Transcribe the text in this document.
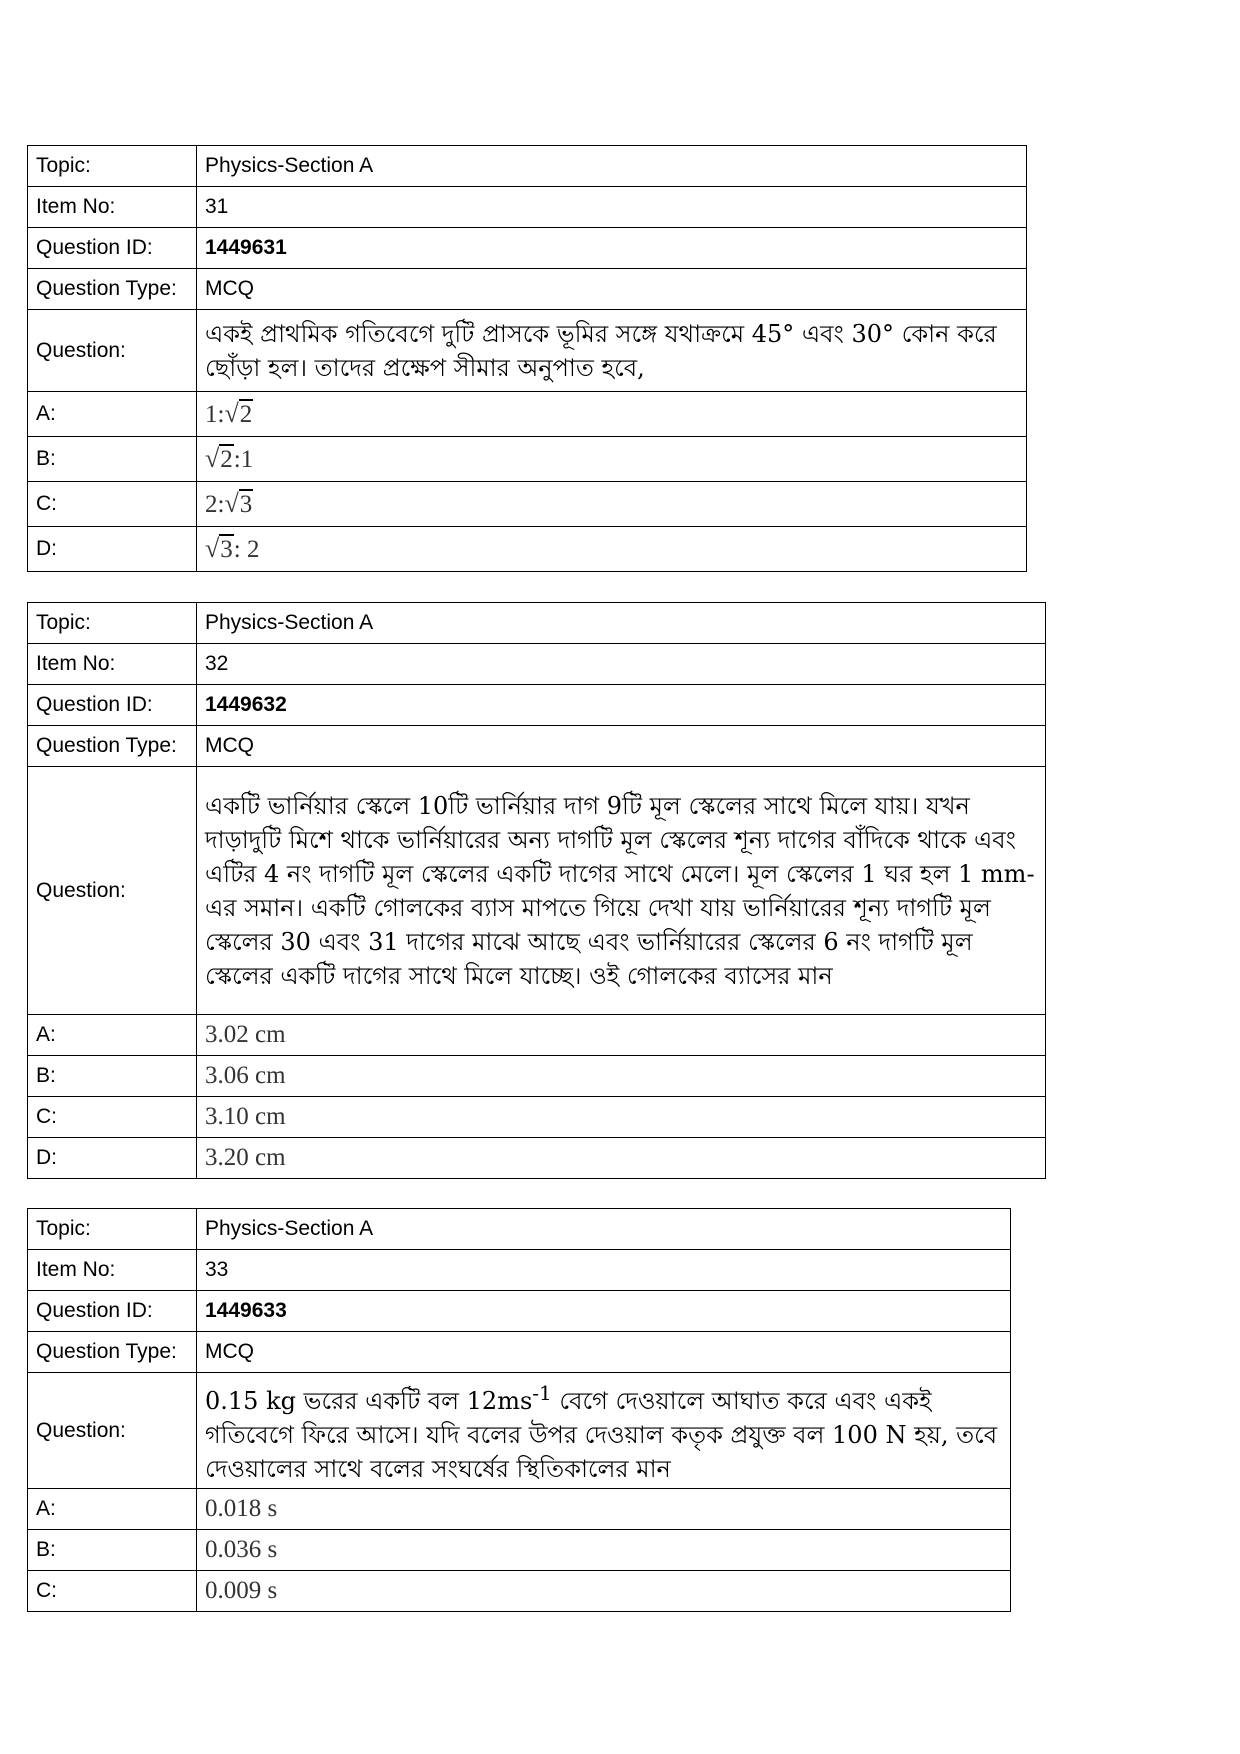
Topic:	Physics-Section A
Item No:	31
Question ID:	1449631
Question Type:	MCQ
Question:	একই প্রাথমিক গতিবেগে দুটি প্রাসকে ভূমির সঙ্গে যথাক্রমে 45° এবং 30° কোন করে ছোঁড়া হল। তাদের প্রক্ষেপ সীমার অনুপাত হবে,
A:	1:√2
B:	√2:1
C:	2:√3
D:	√3: 2
Topic:	Physics-Section A
Item No:	32
Question ID:	1449632
Question Type:	MCQ
Question:	একটি ভার্নিয়ার স্কেলে 10টি ভার্নিয়ার দাগ 9টি মূল স্কেলের সাথে মিলে যায়। যখন দাড়াদুটি মিশে থাকে ভার্নিয়ারের অন্য দাগটি মূল স্কেলের শূন্য দাগের বাঁদিকে থাকে এবং এটির 4 নং দাগটি মূল স্কেলের একটি দাগের সাথে মেলে। মূল স্কেলের 1 ঘর হল 1 mm-এর সমান। একটি গোলকের ব্যাস মাপতে গিয়ে দেখা যায় ভার্নিয়ারের শূন্য দাগটি মূল স্কেলের 30 এবং 31 দাগের মাঝে আছে এবং ভার্নিয়ারের স্কেলের 6 নং দাগটি মূল স্কেলের একটি দাগের সাথে মিলে যাচ্ছে। ওই গোলকের ব্যাসের মান
A:	3.02 cm
B:	3.06 cm
C:	3.10 cm
D:	3.20 cm
Topic:	Physics-Section A
Item No:	33
Question ID:	1449633
Question Type:	MCQ
Question:	0.15 kg ভরের একটি বল $12ms^{-1}$ বেগে দেওয়ালে আঘাত করে এবং একই গতিবেগে ফিরে আসে। যদি বলের উপর দেওয়াল কতৃক প্রযুক্ত বল 100 N হয়, তবে দেওয়ালের সাথে বলের সংঘর্ষের স্থিতিকালের মান
A:	0.018 s
B:	0.036 s
C:	0.009 s
